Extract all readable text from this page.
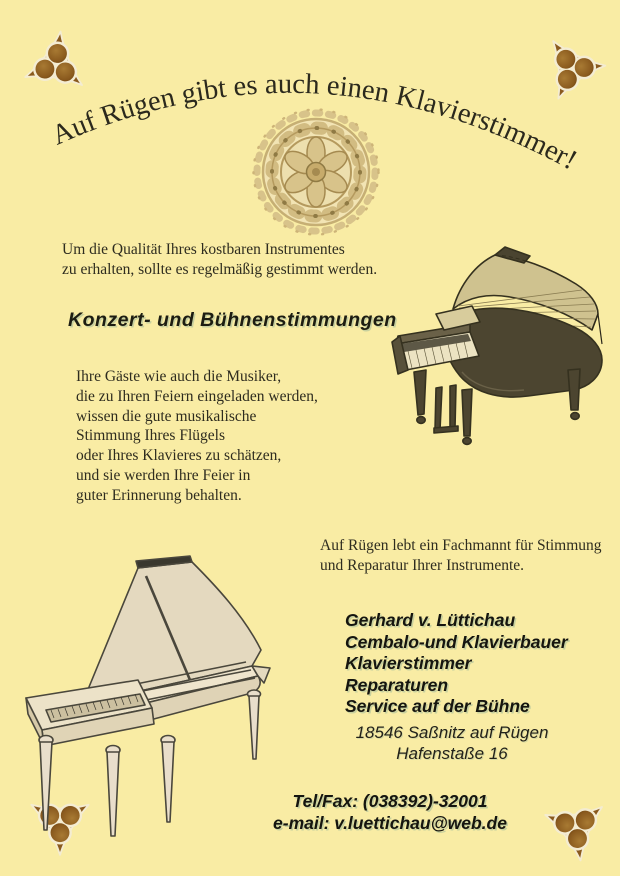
Auf Rügen gibt es auch einen Klavierstimmer!
Um die Qualität Ihres kostbaren Instrumentes
zu erhalten, sollte es regelmäßig gestimmt werden.
Konzert- und Bühnenstimmungen
Ihre Gäste wie auch die Musiker,
die zu Ihren Feiern eingeladen werden,
wissen die gute musikalische
Stimmung Ihres Flügels
oder Ihres Klavieres zu schätzen,
und sie werden Ihre Feier in
guter Erinnerung behalten.
Auf Rügen lebt ein Fachmannt für Stimmung
und Reparatur Ihrer Instrumente.
Gerhard v. Lüttichau
Cembalo-und Klavierbauer
Klavierstimmer
Reparaturen
Service auf der Bühne
18546 Saßnitz auf Rügen
Hafenstaße 16
Tel/Fax: (038392)-32001
e-mail: v.luettichau@web.de
